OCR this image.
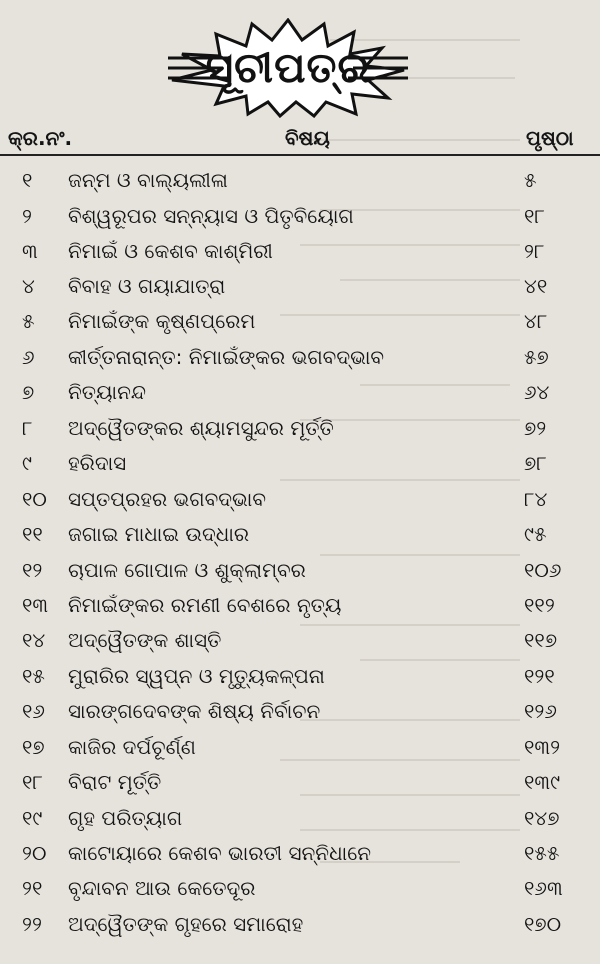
ସୂଚୀପତ୍ର
କ୍ର.ନଂ.	ବିଷୟ	ପୃଷ୍ଠା
୧ ଜନ୍ମ ଓ ବାଲ୍ୟଲୀଳା	୫
୨ ବିଶ୍ୱରୂପର ସନ୍ନ୍ୟାସ ଓ ପିତୃବିୟୋଗ	୧୮
୩ ନିମାଇଁ ଓ କେଶବ କାଶ୍ମିରୀ	୨୮
୪ ବିବାହ ଓ ଗୟାଯାତ୍ରା	୪୧
୫ ନିମାଇଁଙ୍କ କୃଷ୍ଣପ୍ରେମ	୪୮
୬ କୀର୍ତ୍ତନାରାନ୍ତ: ନିମାଇଁଙ୍କର ଭଗବଦ୍ଭାବ	୫୭
୭ ନିତ୍ୟାନନ୍ଦ	୬୪
୮ ଅଦ୍ୱୈତଙ୍କର ଶ୍ୟାମସୁନ୍ଦର ମୂର୍ତ୍ତି	୭୨
୯ ହରିଦାସ	୭୮
୧୦ ସପ୍ତପ୍ରହର ଭଗବଦ୍ଭାବ	୮୪
୧୧ ଜଗାଇ ମାଧାଇ ଉଦ୍ଧାର	୯୫
୧୨ ଚାପାଳ ଗୋପାଳ ଓ ଶୁକ୍ଲାମ୍ବର	୧୦୬
୧୩ ନିମାଇଁଙ୍କର ରମଣୀ ବେଶରେ ନୃତ୍ୟ	୧୧୨
୧୪ ଅଦ୍ୱୈତଙ୍କ ଶାସ୍ତି	୧୧୭
୧୫ ମୁରାରିର ସ୍ୱପ୍ନ ଓ ମୃତ୍ୟୁକଳ୍ପନା	୧୨୧
୧୬ ସାରଙ୍ଗଦେବଙ୍କ ଶିଷ୍ୟ ନିର୍ବାଚନ	୧୨୬
୧୭ କାଜିର ଦର୍ପଚୂର୍ଣ୍ଣ	୧୩୨
୧୮ ବିରାଟ ମୂର୍ତ୍ତି	୧୩୯
୧୯ ଗୃହ ପରିତ୍ୟାଗ	୧୪୭
୨୦ କାଟୋୟାରେ କେଶବ ଭାରତୀ ସନ୍ନିଧାନେ	୧୫୫
୨୧ ବୃନ୍ଦାବନ ଆଉ କେତେଦୂର	୧୬୩
୨୨ ଅଦ୍ୱୈତଙ୍କ ଗୃହରେ ସମାରୋହ	୧୭୦
